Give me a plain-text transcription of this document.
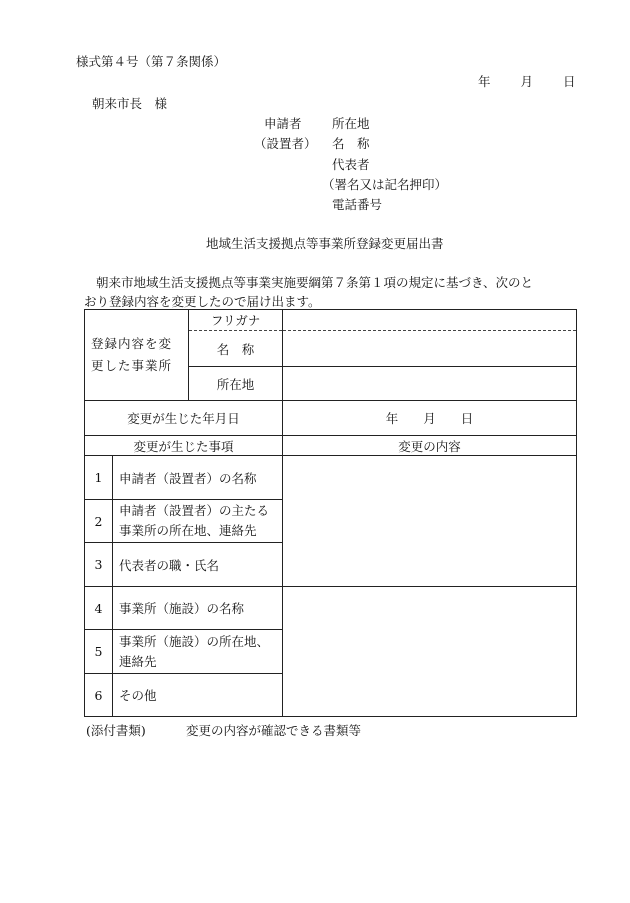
様式第４号（第７条関係）
年 月 日
朝来市長　様
申請者 所在地
（設置者） 名　称
代表者
（署名又は記名押印）
電話番号
地域生活支援拠点等事業所登録変更届出書
朝来市地域生活支援拠点等事業実施要綱第７条第１項の規定に基づき、次のと
おり登録内容を変更したので届け出ます。
登録内容を変
更した事業所		フリガナ	
		名　称	
		所在地	
変更が生じた年月日			年　　月　　日
変更が生じた事項			変更の内容
1	申請者（設置者）の名称		

2	申請者（設置者）の主たる
事業所の所在地、連絡先		

3	代表者の職・氏名		

4	事業所（施設）の名称		

5	事業所（施設）の所在地、
連絡先		

6	その他		
(添付書類)	変更の内容が確認できる書類等
